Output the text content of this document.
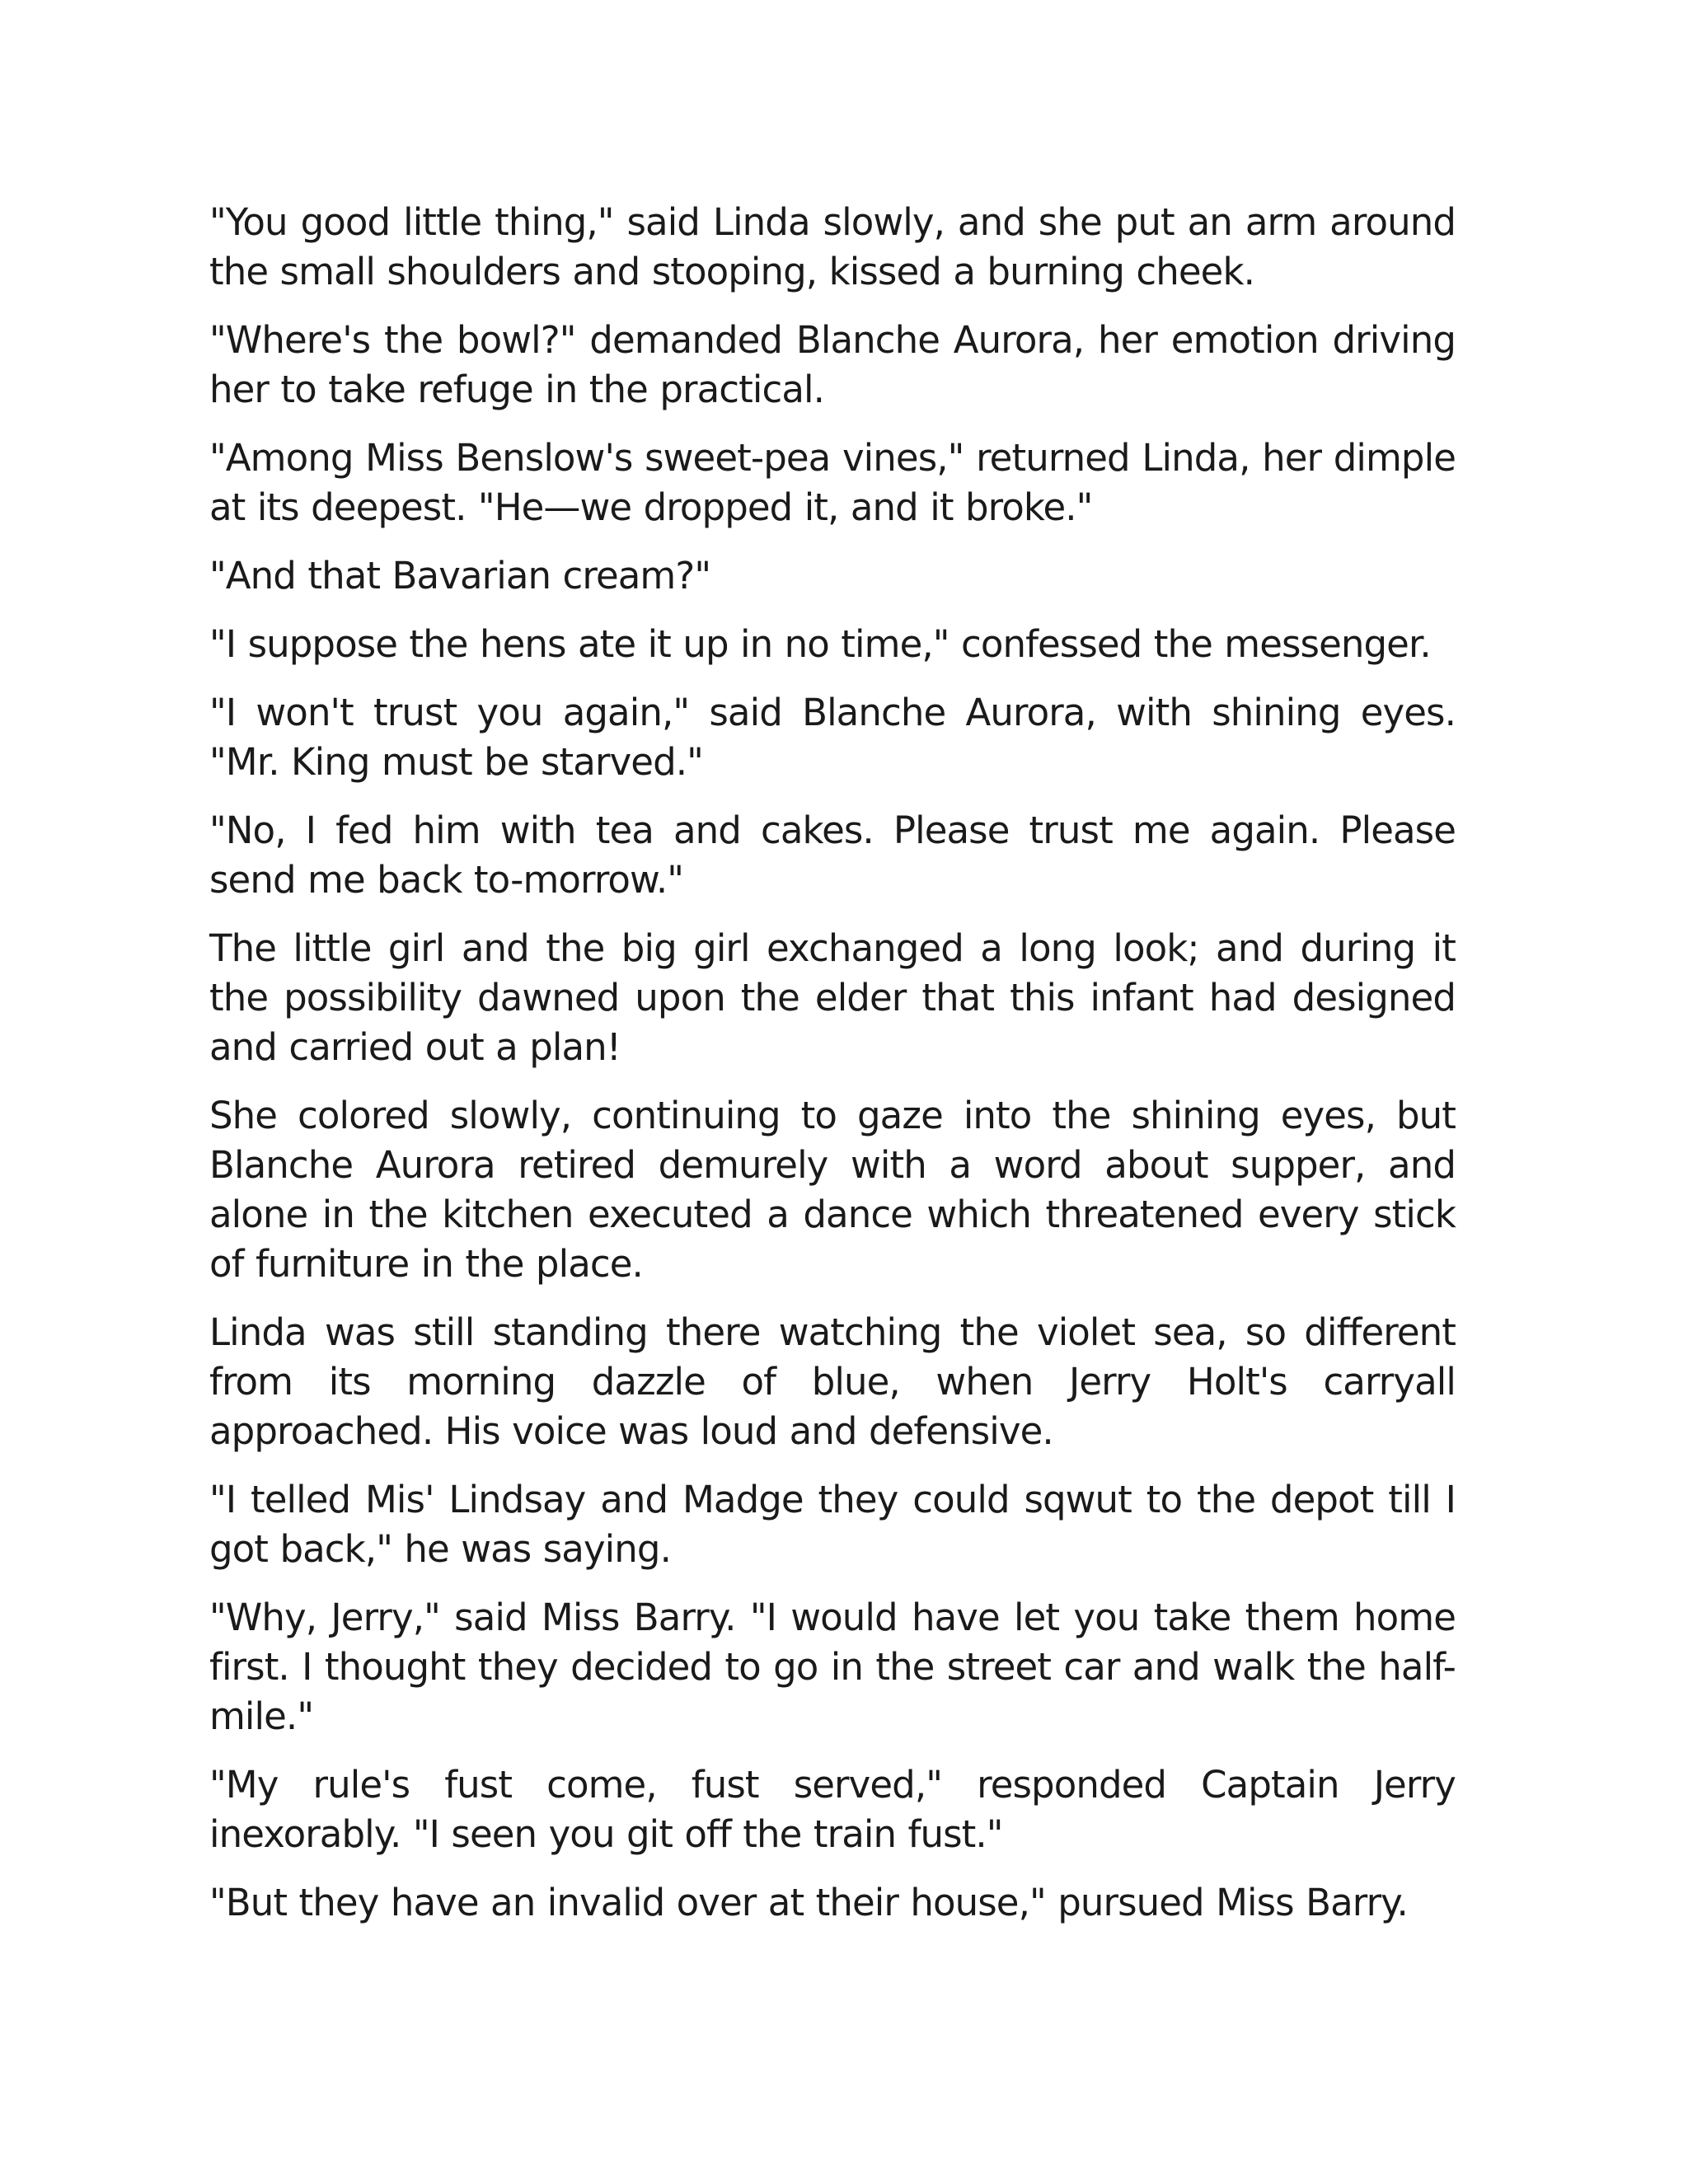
"You good little thing," said Linda slowly, and she put an arm around the small shoulders and stooping, kissed a burning cheek.

"Where's the bowl?" demanded Blanche Aurora, her emotion driving her to take refuge in the practical.

"Among Miss Benslow's sweet-pea vines," returned Linda, her dimple at its deepest. "He—we dropped it, and it broke."

"And that Bavarian cream?"

"I suppose the hens ate it up in no time," confessed the messenger.

"I won't trust you again," said Blanche Aurora, with shining eyes. "Mr. King must be starved."

"No, I fed him with tea and cakes. Please trust me again. Please send me back to-morrow."

The little girl and the big girl exchanged a long look; and during it the possibility dawned upon the elder that this infant had designed and carried out a plan!

She colored slowly, continuing to gaze into the shining eyes, but Blanche Aurora retired demurely with a word about supper, and alone in the kitchen executed a dance which threatened every stick of furniture in the place.

Linda was still standing there watching the violet sea, so different from its morning dazzle of blue, when Jerry Holt's carryall approached. His voice was loud and defensive.

"I telled Mis' Lindsay and Madge they could sqwut to the depot till I got back," he was saying.

"Why, Jerry," said Miss Barry. "I would have let you take them home first. I thought they decided to go in the street car and walk the half-mile."

"My rule's fust come, fust served," responded Captain Jerry inexorably. "I seen you git off the train fust."

"But they have an invalid over at their house," pursued Miss Barry.
